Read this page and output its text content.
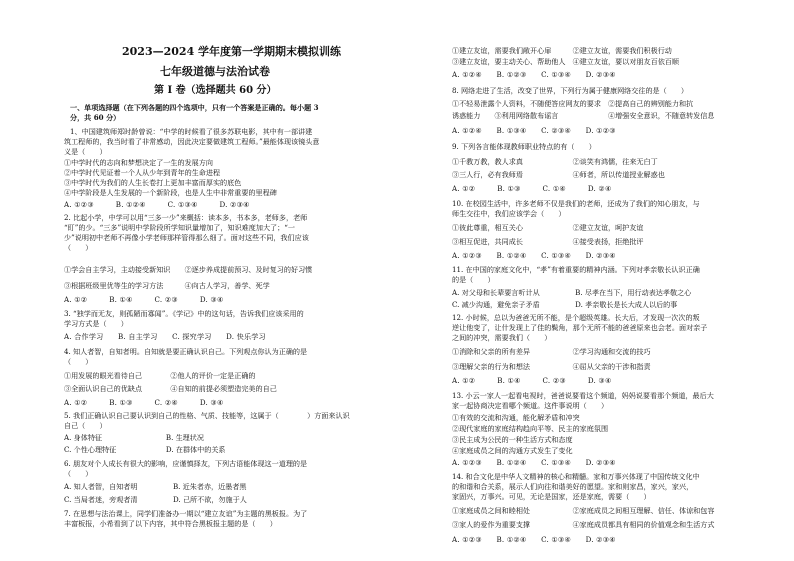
2023—2024 学年度第一学期期末模拟训练
七年级道德与法治试卷
第 I 卷（选择题共 60 分）
一、单项选择题（在下列各题的四个选项中，只有一个答案是正确的。每小题 3
分，共 60 分）
1、中国建筑师郑时龄曾说：“中学的时候看了很多苏联电影，其中有一部讲建
筑工程师的，我当时看了非常感动，因此决定要做建筑工程师。”最能体现该镜头意
义是（　　）
①中学时代的志向和梦想决定了一生的发展方向
②中学时代见证着一个人从少年到青年的生命进程
③中学时代为我们的人生长卷打上更加丰富而厚实的底色
④中学阶段是人生发展的一个新阶段，也是人生中非常重要的里程碑
A. ①②③　　　B. ①②④　　　C. ①③④　　　D. ②③④
2. 比起小学，中学可以用“三多一少”来概括：读本多，书本多，老师多，老师
“盯”的少。“三多”说明中学阶段所学知识量增加了，知识难度加大了；“一
少”说明初中老师不再像小学老师那样管得那么细了。面对这些不同，我们应该
（　　）
①学会自主学习，主动接受新知识　　②逐步养成提前预习、及时复习的好习惯
③根据班级里优等生的学习方法　　　④向古人学习，善学、死学
A. ①②　　　B. ①④　　　C. ②③　　　D. ③④
3. “独学而无友，则孤陋而寡闻”。《学记》中的这句话，告诉我们应该采用的
学习方式是（　　）
A. 合作学习　　B. 自主学习　　C. 探究学习　　D. 快乐学习
4. 知人者智，自知者明。自知就是要正确认识自己。下列观点你认为正确的是
（　　）
①用发展的眼光看待自己　　　　②他人的评价一定是正确的
③全面认识自己的优缺点　　　　④自知的前提必须塑造完美的自己
A. ①②　　　B. ①③　　　C. ②④　　　D. ③④
5. 我们正确认识自己要认识到自己的性格、气质、技能等，这属于（　　　　）方面来认识
自己（　　）
A. 身体特征　　　　　　　　　B. 生理状况
C. 个性心理特征　　　　　　　D. 在群体中的关系
6. 朋友对个人成长有很大的影响，应谨慎择友，下列古语能体现这一道理的是
（　　）
A. 知人者智，自知者明　　　　　B. 近朱者赤，近墨者黑
C. 当局者迷，旁观者清　　　　　D. 己所不欲，勿施于人
7. 在思想与法治课上，同学们准备办一期以“建立友谊”为主题的黑板报。为了
丰富板报，小希看到了以下内容，其中符合黑板报主题的是（　　）
①建立友谊，需要我们敞开心扉　　　②建立友谊，需要我们积极行动
③建立友谊，要主动关心、帮助他人　④建立友谊，要以对朋友百依百顺
A. ①②④　　B. ①②③　　C. ①③④　　D. ②③④
8. 网络走进了生活，改变了世界，下列行为属于健康网络交往的是（　　）
①不轻易泄露个人资料，不随便答应网友的要求　②提高自己的辨别能力和抗
诱惑能力　　③利用网络散布谣言　　　　　　　④增强安全意识，不随意转发信息
A. ①②④　　B. ①③④　　C. ②③④　　D. ①②③
9. 下列各言能体现教师职业特点的有（　　）
①千教万教，教人求真　　　　　　　②谈笑有鸿儒，往来无白丁
③三人行，必有我师焉　　　　　　　④师者，所以传道授业解惑也
A. ①②　　　B. ①③　　　C. ①④　　　D. ②④
10. 在校园生活中，许多老师不仅是我们的老师，还成为了我们的知心朋友，与
师生交往中，我们应该学会（　　）
①彼此尊重，相互关心　　　　　　　②建立友谊，呵护友谊
③相互促进，共同成长　　　　　　　④接受表扬，拒绝批评
A. ①②③　　B. ①②④　　C. ①③④　　D. ②③④
11. 在中国的家庭文化中，“孝”有着重要的精神内涵。下列对孝亲敬长认识正确
的是（　　）
A. 对父母和长辈要言听计从　　　　　B. 尽孝在当下，用行动表达孝敬之心
C. 减少沟通，避免亲子矛盾　　　　　D. 孝亲敬长是长大成人以后的事
12. 小时候，总以为爸爸无所不能，是个超级英雄。长大后，才发现一次次的叛
逆让他变了，让什发现上了佳的鬓角，那个无所不能的爸爸原来也会老。面对亲子
之间的冲突，需要我们（　　）
①消除和父亲的所有差异　　　　　　②学习沟通和交流的技巧
③理解父亲的行为和想法　　　　　　④屈从父亲的干涉和指责
A. ①②　　　B. ①④　　　C. ②③　　　D. ③④
13. 小云一家人一起看电视时，爸爸说要看这个频道，妈妈说要看那个频道，最后大
家一起协商决定看哪个频道。这件事说明（　　）
①有效的交流和沟通，能化解矛盾和冲突
②现代家庭的家庭结构趋向平等、民主的家庭氛围
③民主成为公民的一种生活方式和态度
④家庭成员之间的沟通方式发生了变化
A. ①②③　　B. ①②④　　C. ①③④　　D. ②③④
14. 和合文化是中华人文精神的核心和精髓。家和万事兴体现了中国传统文化中
的和谐和合关系，展示人们向往和谐美好的愿望。家和则家昌，家兴，家兴，
家固兴，万事兴。可见，无论是国家，还是家庭，需要（　　）
①家庭成员之间和睦相处　　　　　　②家庭成员之间相互理解、信任、体谅和包容
③家人的爱作为重要支撑　　　　　　④家庭成员都具有相同的价值观念和生活方式
A. ①②③　　B. ①②④　　C. ①③④　　D. ②③④
